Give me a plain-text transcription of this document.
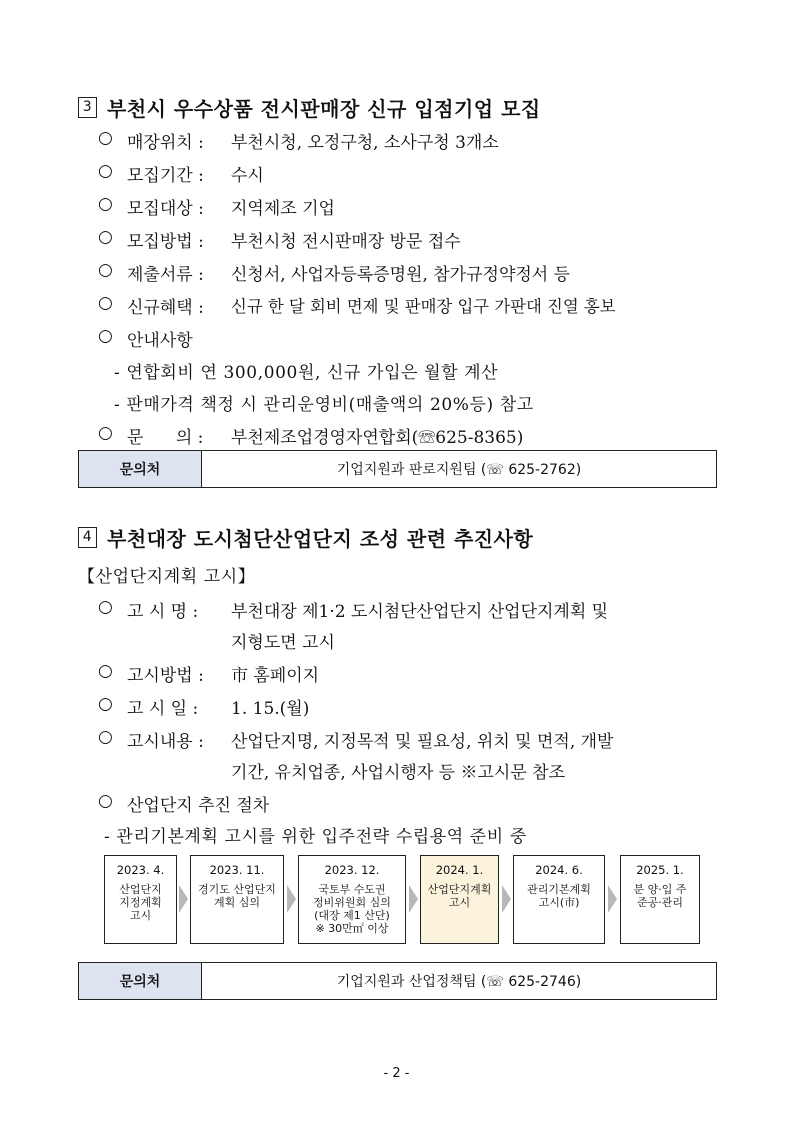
3 부천시 우수상품 전시판매장 신규 입점기업 모집
○ 매장위치 : 부천시청, 오정구청, 소사구청 3개소
○ 모집기간 : 수시
○ 모집대상 : 지역제조 기업
○ 모집방법 : 부천시청 전시판매장 방문 접수
○ 제출서류 : 신청서, 사업자등록증명원, 참가규정약정서 등
○ 신규혜택 : 신규 한 달 회비 면제 및 판매장 입구 가판대 진열 홍보
○ 안내사항
- 연합회비 연 300,000원, 신규 가입은 월할 계산
- 판매가격 책정 시 관리운영비(매출액의 20%등) 참고
○ 문      의 : 부천제조업경영자연합회(☏625-8365)
문의처	기업지원과 판로지원팀 (☏ 625-2762)
4 부천대장 도시첨단산업단지 조성 관련 추진사항
【산업단지계획 고시】
○ 고 시 명 : 부천대장 제1·2 도시첨단산업단지 산업단지계획 및
지형도면 고시
○ 고시방법 : 市 홈페이지
○ 고 시 일 : 1. 15.(월)
○ 고시내용 : 산업단지명, 지정목적 및 필요성, 위치 및 면적, 개발
기간, 유치업종, 사업시행자 등 ※고시문 참조
○ 산업단지 추진 절차
- 관리기본계획 고시를 위한 입주전략 수립용역 준비 중
2023. 4.
산업단지
지정계획
고시
2023. 11.
경기도 산업단지
계획 심의
2023. 12.
국토부 수도권
정비위원회 심의
(대장 제1 산단)
※ 30만㎡ 이상
2024. 1.
산업단지계획
고시
2024. 6.
관리기본계획
고시(市)
2025. 1.
분 양·입 주
준공·관리
문의처	기업지원과 산업정책팀 (☏ 625-2746)
- 2 -
